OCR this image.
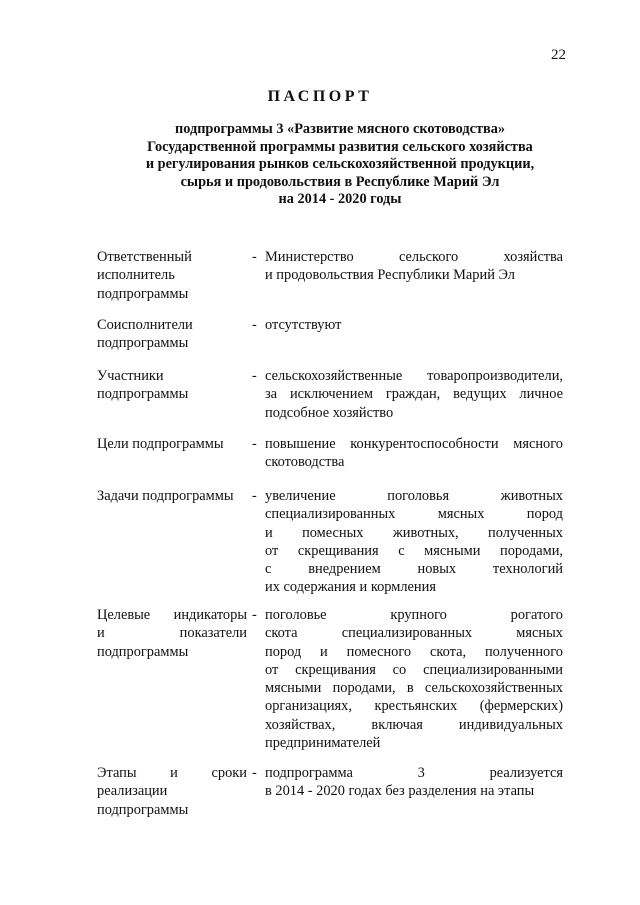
22
ПАСПОРТ
подпрограммы 3 «Развитие мясного скотоводства»
Государственной программы развития сельского хозяйства
и регулирования рынков сельскохозяйственной продукции,
сырья и продовольствия в Республике Марий Эл
на 2014 - 2020 годы
Ответственный
исполнитель
подпрограммы
- Министерство сельского хозяйства
и продовольствия Республики Марий Эл
Соисполнители
подпрограммы
- отсутствуют
Участники
подпрограммы
- сельскохозяйственные товаропроизводители,
за исключением граждан, ведущих личное
подсобное хозяйство
Цели подпрограммы	- повышение конкурентоспособности мясного
скотоводства
Задачи подпрограммы	- увеличение поголовья животных
специализированных мясных пород
и помесных животных, полученных
от скрещивания с мясными породами,
с внедрением новых технологий
их содержания и кормления
Целевые индикаторы
и показатели
подпрограммы
- поголовье крупного рогатого
скота специализированных мясных
пород и помесного скота, полученного
от скрещивания со специализированными
мясными породами, в сельскохозяйственных
организациях, крестьянских (фермерских)
хозяйствах, включая индивидуальных
предпринимателей
Этапы и сроки
реализации
подпрограммы
- подпрограмма 3 реализуется
в 2014 - 2020 годах без разделения на этапы
